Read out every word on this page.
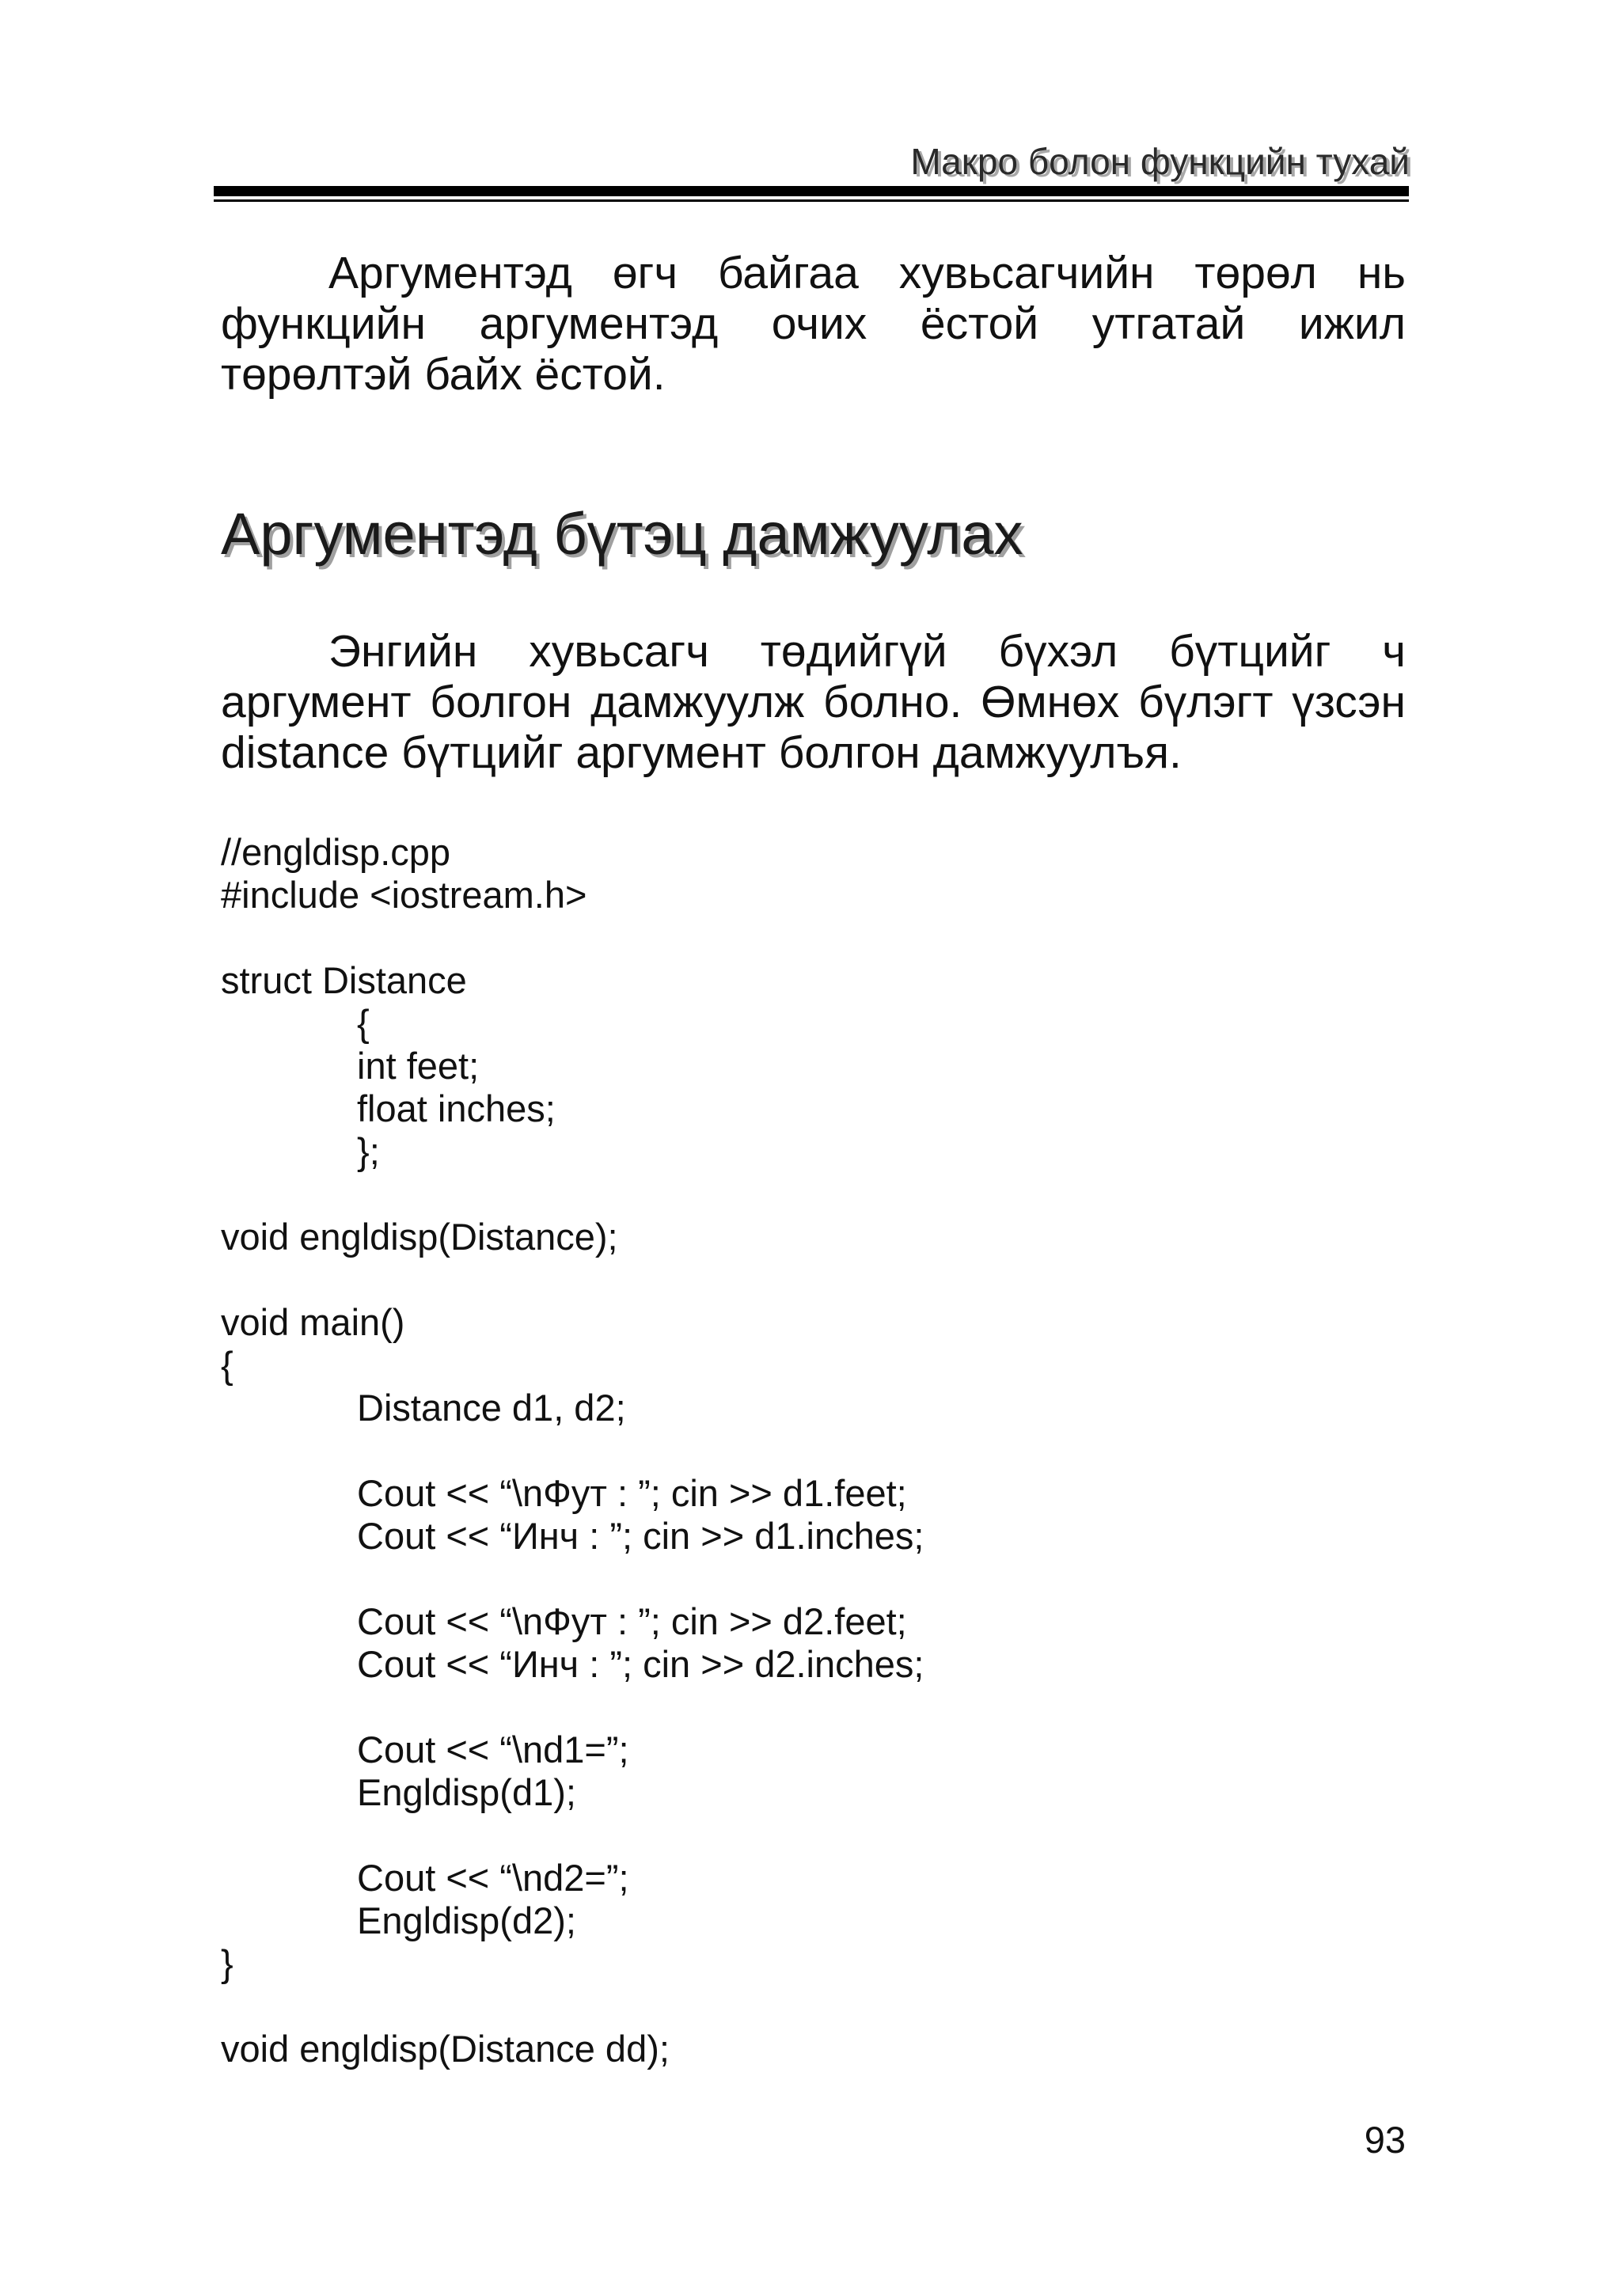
Макро болон функцийн тухай

Аргументэд өгч байгаа хувьсагчийн төрөл нь
функцийн аргументэд очих ёстой утгатай ижил
төрөлтэй байх ёстой.

Аргументэд бүтэц дамжуулах

Энгийн хувьсагч төдийгүй бүхэл бүтцийг ч
аргумент болгон дамжуулж болно. Өмнөх бүлэгт үзсэн
distance бүтцийг аргумент болгон дамжуулъя.

//engldisp.cpp
#include <iostream.h>
struct Distance
{
int feet;
float inches;
};
void engldisp(Distance);
void main()
{
Distance d1, d2;
Cout << “\nФут : ”; cin >> d1.feet;
Cout << “Инч : ”; cin >> d1.inches;
Cout << “\nФут : ”; cin >> d2.feet;
Cout << “Инч : ”; cin >> d2.inches;
Cout << “\nd1=”;
Engldisp(d1);
Cout << “\nd2=”;
Engldisp(d2);
}
void engldisp(Distance dd);
93
